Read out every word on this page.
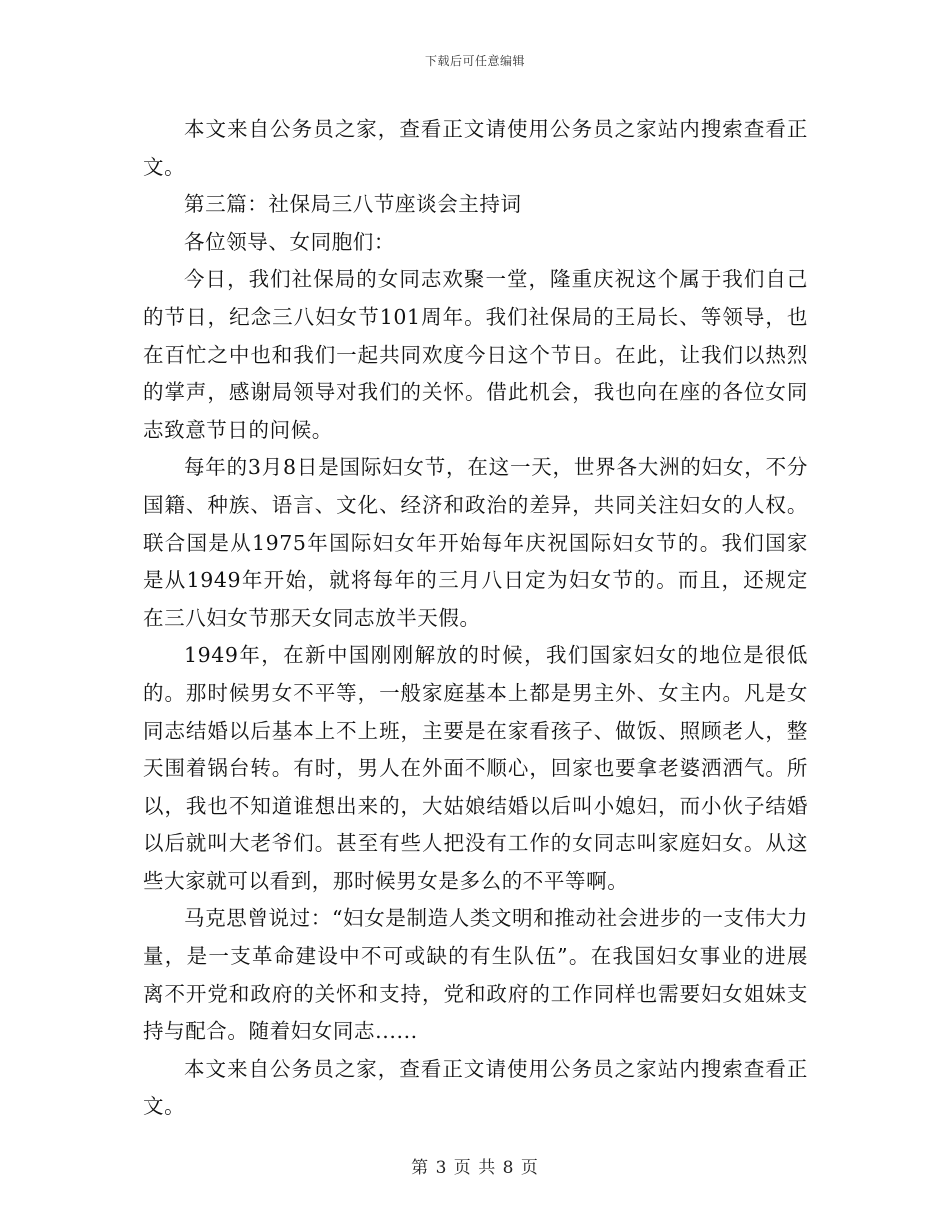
下载后可任意编辑

本文来自公务员之家，查看正文请使用公务员之家站内搜索查看正文。

第三篇：社保局三八节座谈会主持词

各位领导、女同胞们：

今日，我们社保局的女同志欢聚一堂，隆重庆祝这个属于我们自己的节日，纪念三八妇女节101周年。我们社保局的王局长、等领导，也在百忙之中也和我们一起共同欢度今日这个节日。在此，让我们以热烈的掌声，感谢局领导对我们的关怀。借此机会，我也向在座的各位女同志致意节日的问候。

每年的3月8日是国际妇女节，在这一天，世界各大洲的妇女，不分国籍、种族、语言、文化、经济和政治的差异，共同关注妇女的人权。联合国是从1975年国际妇女年开始每年庆祝国际妇女节的。我们国家是从1949年开始，就将每年的三月八日定为妇女节的。而且，还规定在三八妇女节那天女同志放半天假。

1949年，在新中国刚刚解放的时候，我们国家妇女的地位是很低的。那时候男女不平等，一般家庭基本上都是男主外、女主内。凡是女同志结婚以后基本上不上班，主要是在家看孩子、做饭、照顾老人，整天围着锅台转。有时，男人在外面不顺心，回家也要拿老婆洒洒气。所以，我也不知道谁想出来的，大姑娘结婚以后叫小媳妇，而小伙子结婚以后就叫大老爷们。甚至有些人把没有工作的女同志叫家庭妇女。从这些大家就可以看到，那时候男女是多么的不平等啊。

马克思曾说过：“妇女是制造人类文明和推动社会进步的一支伟大力量，是一支革命建设中不可或缺的有生队伍”。在我国妇女事业的进展离不开党和政府的关怀和支持，党和政府的工作同样也需要妇女姐妹支持与配合。随着妇女同志......

本文来自公务员之家，查看正文请使用公务员之家站内搜索查看正文。

第 3 页 共 8 页
